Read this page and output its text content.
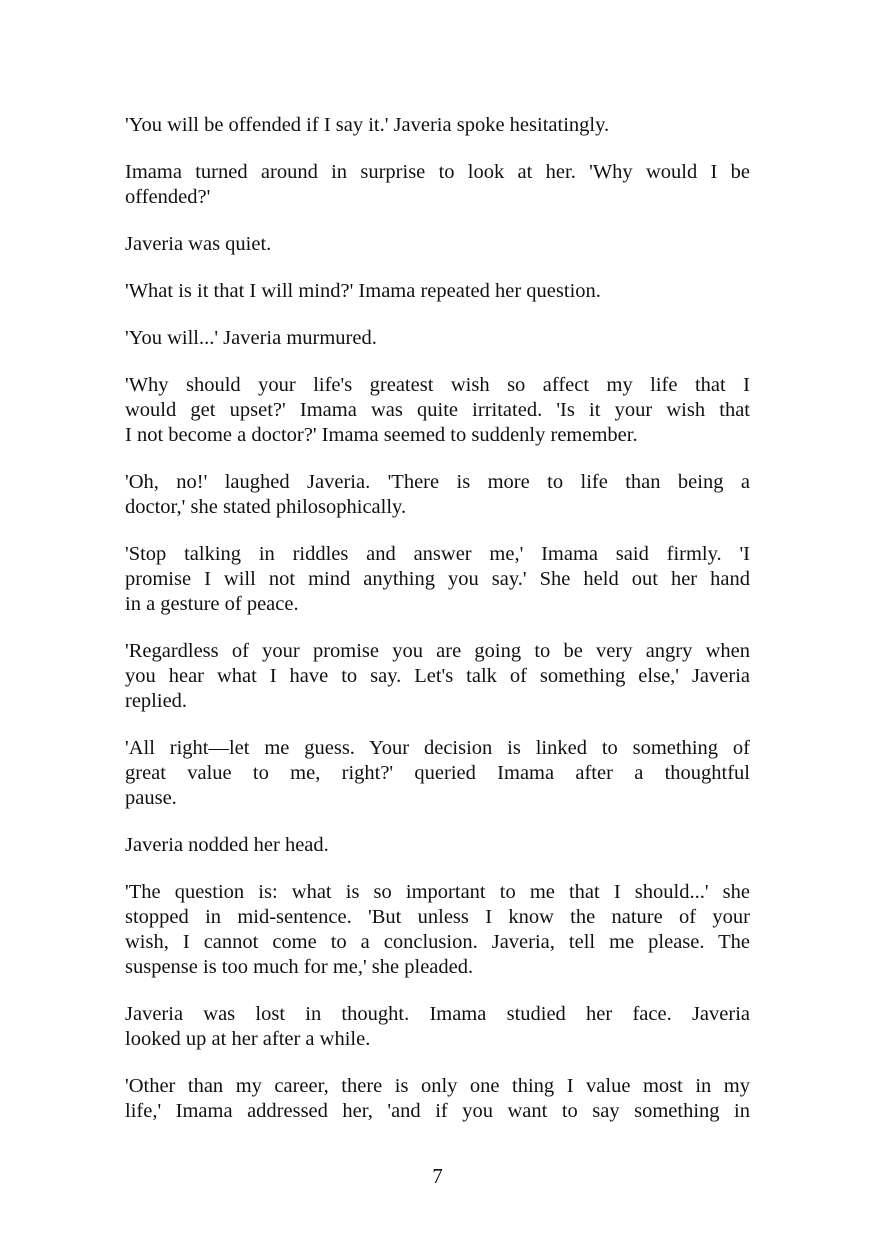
'You will be offended if I say it.' Javeria spoke hesitatingly.
Imama turned around in surprise to look at her. 'Why would I be
offended?'
Javeria was quiet.
'What is it that I will mind?' Imama repeated her question.
'You will...' Javeria murmured.
'Why should your life's greatest wish so affect my life that I
would get upset?' Imama was quite irritated. 'Is it your wish that
I not become a doctor?' Imama seemed to suddenly remember.
'Oh, no!' laughed Javeria. 'There is more to life than being a
doctor,' she stated philosophically.
'Stop talking in riddles and answer me,' Imama said firmly. 'I
promise I will not mind anything you say.' She held out her hand
in a gesture of peace.
'Regardless of your promise you are going to be very angry when
you hear what I have to say. Let's talk of something else,' Javeria
replied.
'All right—let me guess. Your decision is linked to something of
great value to me, right?' queried Imama after a thoughtful
pause.
Javeria nodded her head.
'The question is: what is so important to me that I should...' she
stopped in mid-sentence. 'But unless I know the nature of your
wish, I cannot come to a conclusion. Javeria, tell me please. The
suspense is too much for me,' she pleaded.
Javeria was lost in thought. Imama studied her face. Javeria
looked up at her after a while.
'Other than my career, there is only one thing I value most in my
life,' Imama addressed her, 'and if you want to say something in
7
